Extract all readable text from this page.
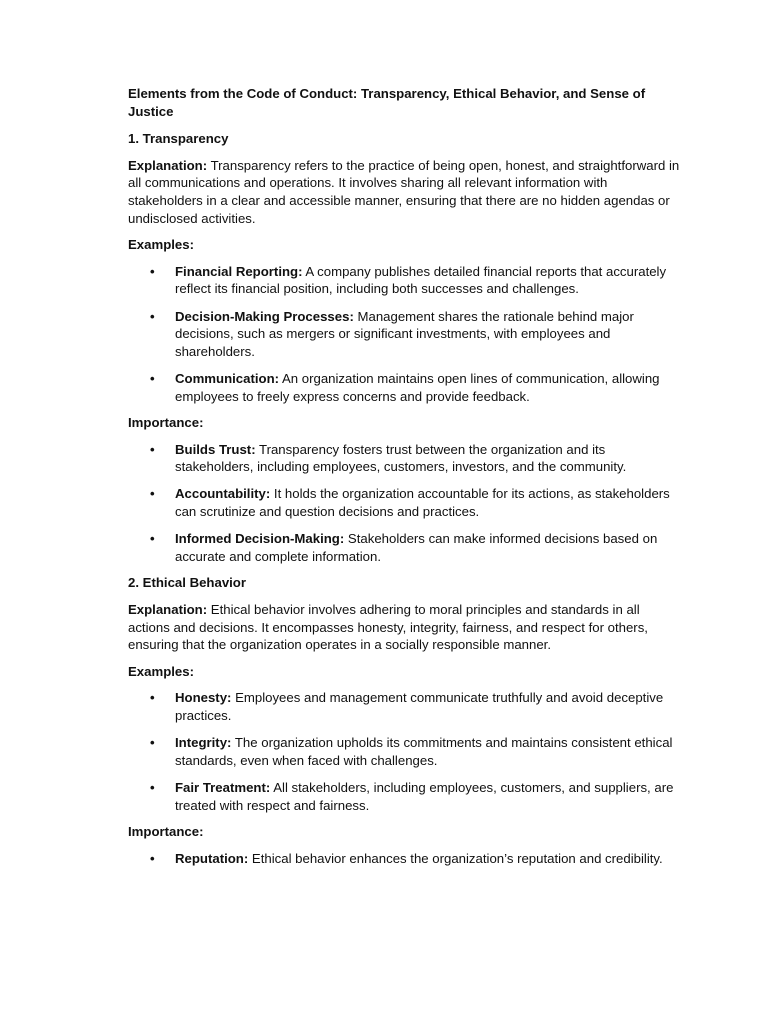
Elements from the Code of Conduct: Transparency, Ethical Behavior, and Sense of Justice

1. Transparency

Explanation: Transparency refers to the practice of being open, honest, and straightforward in all communications and operations. It involves sharing all relevant information with stakeholders in a clear and accessible manner, ensuring that there are no hidden agendas or undisclosed activities.

Examples:

• Financial Reporting: A company publishes detailed financial reports that accurately reflect its financial position, including both successes and challenges.
• Decision-Making Processes: Management shares the rationale behind major decisions, such as mergers or significant investments, with employees and shareholders.
• Communication: An organization maintains open lines of communication, allowing employees to freely express concerns and provide feedback.

Importance:

• Builds Trust: Transparency fosters trust between the organization and its stakeholders, including employees, customers, investors, and the community.
• Accountability: It holds the organization accountable for its actions, as stakeholders can scrutinize and question decisions and practices.
• Informed Decision-Making: Stakeholders can make informed decisions based on accurate and complete information.

2. Ethical Behavior

Explanation: Ethical behavior involves adhering to moral principles and standards in all actions and decisions. It encompasses honesty, integrity, fairness, and respect for others, ensuring that the organization operates in a socially responsible manner.

Examples:

• Honesty: Employees and management communicate truthfully and avoid deceptive practices.
• Integrity: The organization upholds its commitments and maintains consistent ethical standards, even when faced with challenges.
• Fair Treatment: All stakeholders, including employees, customers, and suppliers, are treated with respect and fairness.

Importance:

• Reputation: Ethical behavior enhances the organization’s reputation and credibility.
